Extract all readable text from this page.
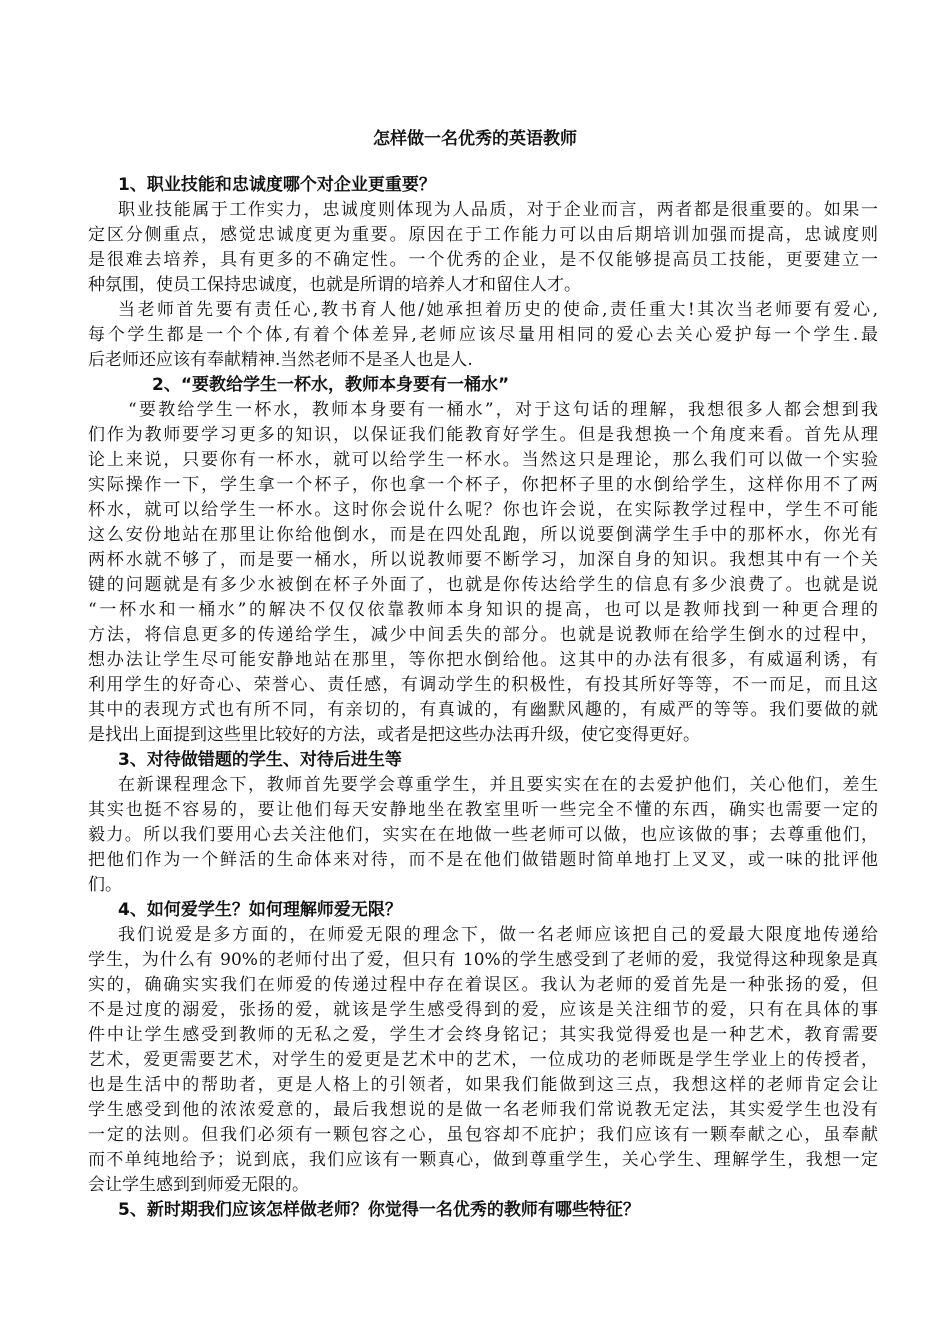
怎样做一名优秀的英语教师
1、职业技能和忠诚度哪个对企业更重要？
职业技能属于工作实力，忠诚度则体现为人品质，对于企业而言，两者都是很重要的。如果一
定区分侧重点，感觉忠诚度更为重要。原因在于工作能力可以由后期培训加强而提高，忠诚度则
是很难去培养，具有更多的不确定性。一个优秀的企业，是不仅能够提高员工技能，更要建立一
种氛围，使员工保持忠诚度，也就是所谓的培养人才和留住人才。
当老师首先要有责任心,教书育人他/她承担着历史的使命,责任重大!其次当老师要有爱心,
每个学生都是一个个体,有着个体差异,老师应该尽量用相同的爱心去关心爱护每一个学生.最
后老师还应该有奉献精神.当然老师不是圣人也是人.
2、“要教给学生一杯水，教师本身要有一桶水”
“要教给学生一杯水，教师本身要有一桶水”，对于这句话的理解，我想很多人都会想到我
们作为教师要学习更多的知识，以保证我们能教育好学生。但是我想换一个角度来看。首先从理
论上来说，只要你有一杯水，就可以给学生一杯水。当然这只是理论，那么我们可以做一个实验
实际操作一下，学生拿一个杯子，你也拿一个杯子，你把杯子里的水倒给学生，这样你用不了两
杯水，就可以给学生一杯水。这时你会说什么呢？你也许会说，在实际教学过程中，学生不可能
这么安份地站在那里让你给他倒水，而是在四处乱跑，所以说要倒满学生手中的那杯水，你光有
两杯水就不够了，而是要一桶水，所以说教师要不断学习，加深自身的知识。我想其中有一个关
键的问题就是有多少水被倒在杯子外面了，也就是你传达给学生的信息有多少浪费了。也就是说
“一杯水和一桶水”的解决不仅仅依靠教师本身知识的提高，也可以是教师找到一种更合理的
方法，将信息更多的传递给学生，减少中间丢失的部分。也就是说教师在给学生倒水的过程中，
想办法让学生尽可能安静地站在那里，等你把水倒给他。这其中的办法有很多，有威逼利诱，有
利用学生的好奇心、荣誉心、责任感，有调动学生的积极性，有投其所好等等，不一而足，而且这
其中的表现方式也有所不同，有亲切的，有真诚的，有幽默风趣的，有威严的等等。我们要做的就
是找出上面提到这些里比较好的方法，或者是把这些办法再升级，使它变得更好。
3、对待做错题的学生、对待后进生等
在新课程理念下，教师首先要学会尊重学生，并且要实实在在的去爱护他们，关心他们，差生
其实也挺不容易的，要让他们每天安静地坐在教室里听一些完全不懂的东西，确实也需要一定的
毅力。所以我们要用心去关注他们，实实在在地做一些老师可以做，也应该做的事；去尊重他们，
把他们作为一个鲜活的生命体来对待，而不是在他们做错题时简单地打上叉叉，或一味的批评他
们。
4、如何爱学生？如何理解师爱无限？
我们说爱是多方面的，在师爱无限的理念下，做一名老师应该把自己的爱最大限度地传递给
学生，为什么有 90%的老师付出了爱，但只有 10%的学生感受到了老师的爱，我觉得这种现象是真
实的，确确实实我们在师爱的传递过程中存在着误区。我认为老师的爱首先是一种张扬的爱，但
不是过度的溺爱，张扬的爱，就该是学生感受得到的爱，应该是关注细节的爱，只有在具体的事
件中让学生感受到教师的无私之爱，学生才会终身铭记；其实我觉得爱也是一种艺术，教育需要
艺术，爱更需要艺术，对学生的爱更是艺术中的艺术，一位成功的老师既是学生学业上的传授者，
也是生活中的帮助者，更是人格上的引领者，如果我们能做到这三点，我想这样的老师肯定会让
学生感受到他的浓浓爱意的，最后我想说的是做一名老师我们常说教无定法，其实爱学生也没有
一定的法则。但我们必须有一颗包容之心，虽包容却不庇护；我们应该有一颗奉献之心，虽奉献
而不单纯地给予；说到底，我们应该有一颗真心，做到尊重学生，关心学生、理解学生，我想一定
会让学生感到到师爱无限的。
5、新时期我们应该怎样做老师？你觉得一名优秀的教师有哪些特征？
